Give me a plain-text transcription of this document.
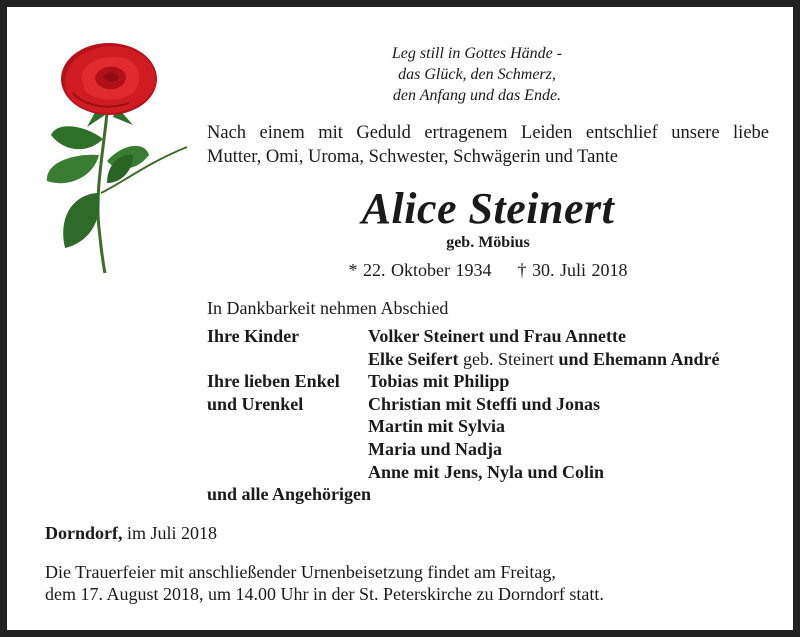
Leg still in Gottes Hände -
das Glück, den Schmerz,
den Anfang und das Ende.
Nach einem mit Geduld ertragenem Leiden entschlief unsere liebe
Mutter, Omi, Uroma, Schwester, Schwägerin und Tante
Alice Steinert
geb. Möbius
* 22. Oktober 1934 † 30. Juli 2018
In Dankbarkeit nehmen Abschied
Ihre Kinder	Volker Steinert und Frau Annette
Elke Seifert geb. Steinert und Ehemann André
Ihre lieben Enkel Tobias mit Philipp
und Urenkel	Christian mit Steffi und Jonas
Martin mit Sylvia
Maria und Nadja
Anne mit Jens, Nyla und Colin
und alle Angehörigen
Dorndorf, im Juli 2018
Die Trauerfeier mit anschließender Urnenbeisetzung findet am Freitag,
dem 17. August 2018, um 14.00 Uhr in der St. Peterskirche zu Dorndorf statt.
